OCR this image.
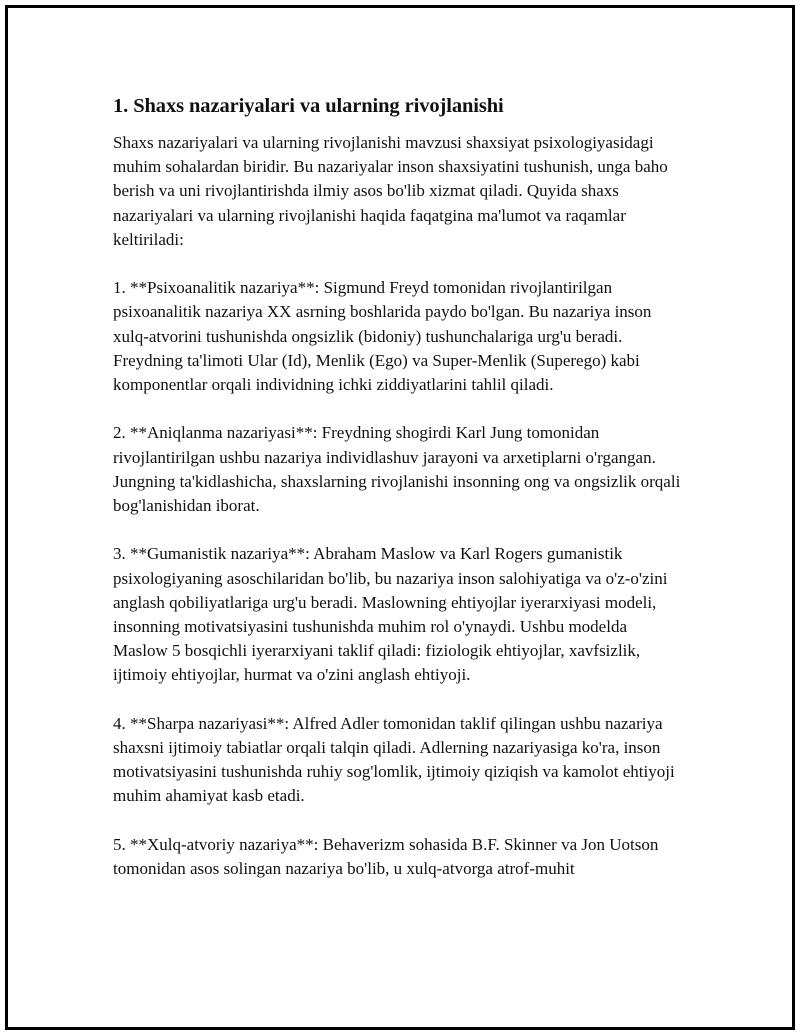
1. Shaxs nazariyalari va ularning rivojlanishi

Shaxs nazariyalari va ularning rivojlanishi mavzusi shaxsiyat psixologiyasidagi muhim sohalardan biridir. Bu nazariyalar inson shaxsiyatini tushunish, unga baho berish va uni rivojlantirishda ilmiy asos bo'lib xizmat qiladi. Quyida shaxs nazariyalari va ularning rivojlanishi haqida faqatgina ma'lumot va raqamlar keltiriladi:

1. **Psixoanalitik nazariya**: Sigmund Freyd tomonidan rivojlantirilgan psixoanalitik nazariya XX asrning boshlarida paydo bo'lgan. Bu nazariya inson xulq-atvorini tushunishda ongsizlik (bidoniy) tushunchalariga urg'u beradi. Freydning ta'limoti Ular (Id), Menlik (Ego) va Super-Menlik (Superego) kabi komponentlar orqali individning ichki ziddiyatlarini tahlil qiladi.

2. **Aniqlanma nazariyasi**: Freydning shogirdi Karl Jung tomonidan rivojlantirilgan ushbu nazariya individlashuv jarayoni va arxetiplarni o'rgangan. Jungning ta'kidlashicha, shaxslarning rivojlanishi insonning ong va ongsizlik orqali bog'lanishidan iborat.

3. **Gumanistik nazariya**: Abraham Maslow va Karl Rogers gumanistik psixologiyaning asoschilaridan bo'lib, bu nazariya inson salohiyatiga va o'z-o'zini anglash qobiliyatlariga urg'u beradi. Maslowning ehtiyojlar iyerarxiyasi modeli, insonning motivatsiyasini tushunishda muhim rol o'ynaydi. Ushbu modelda Maslow 5 bosqichli iyerarxiyani taklif qiladi: fiziologik ehtiyojlar, xavfsizlik, ijtimoiy ehtiyojlar, hurmat va o'zini anglash ehtiyoji.

4. **Sharpa nazariyasi**: Alfred Adler tomonidan taklif qilingan ushbu nazariya shaxsni ijtimoiy tabiatlar orqali talqin qiladi. Adlerning nazariyasiga ko'ra, inson motivatsiyasini tushunishda ruhiy sog'lomlik, ijtimoiy qiziqish va kamolot ehtiyoji muhim ahamiyat kasb etadi.

5. **Xulq-atvoriy nazariya**: Behaverizm sohasida B.F. Skinner va Jon Uotson tomonidan asos solingan nazariya bo'lib, u xulq-atvorga atrof-muhit
